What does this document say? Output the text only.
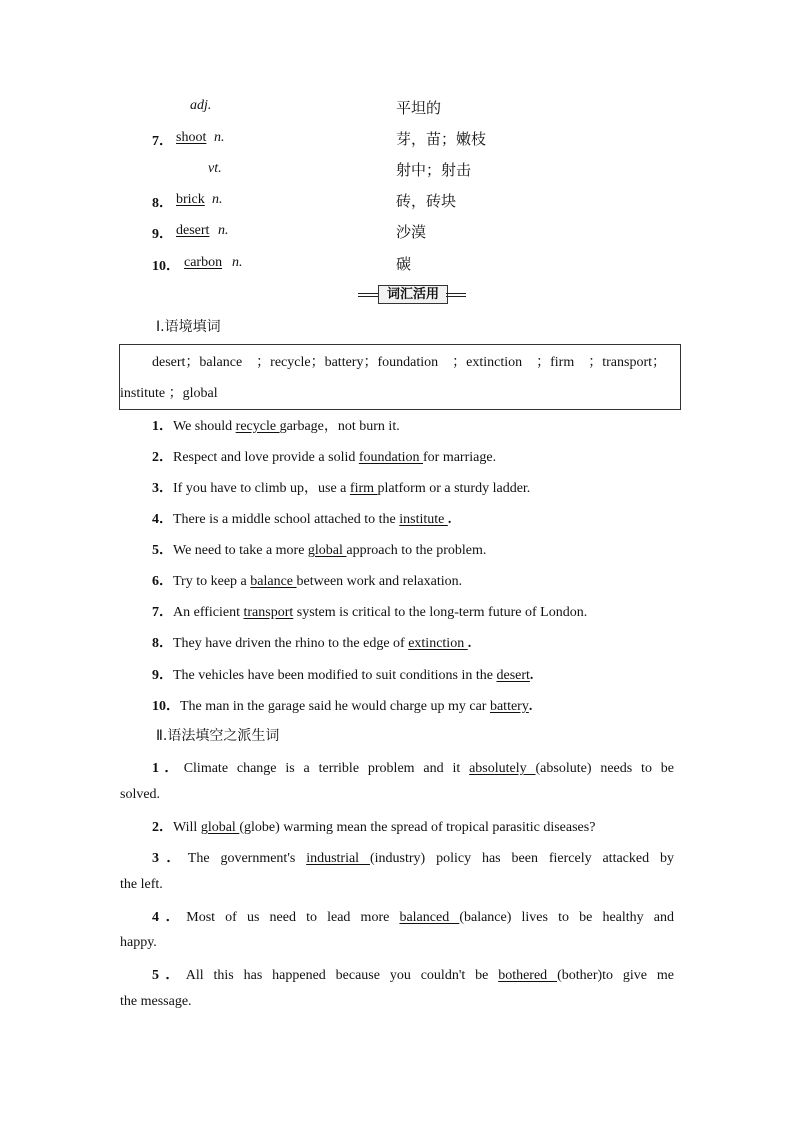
adj.	平坦的
7． shoot n.	芽，苗；嫩枝
vt.	射中；射击
8． brick n.	砖，砖块
9． desert n.	沙漠
10． carbon n.	碳
词汇活用
Ⅰ.语境填词
desert；balance ；recycle；battery；foundation ；extinction ；firm ；transport；
institute ；global
1．We should recycle garbage，not burn it.
2．Respect and love provide a solid foundation for marriage.
3．If you have to climb up，use a firm platform or a sturdy ladder.
4．There is a middle school attached to the institute .
5．We need to take a more global approach to the problem.
6．Try to keep a balance between work and relaxation.
7．An efficient transport system is critical to the long-term future of London.
8．They have driven the rhino to the edge of extinction .
9．The vehicles have been modified to suit conditions in the desert.
10．The man in the garage said he would charge up my car battery.
Ⅱ.语法填空之派生词
1．Climate change is a terrible problem and it absolutely (absolute) needs to be
solved.
2．Will global (globe) warming mean the spread of tropical parasitic diseases?
3．The government's industrial (industry) policy has been fiercely attacked by
the left.
4．Most of us need to lead more balanced (balance) lives to be healthy and
happy.
5．All this has happened because you couldn't be bothered (bother)to give me
the message.
